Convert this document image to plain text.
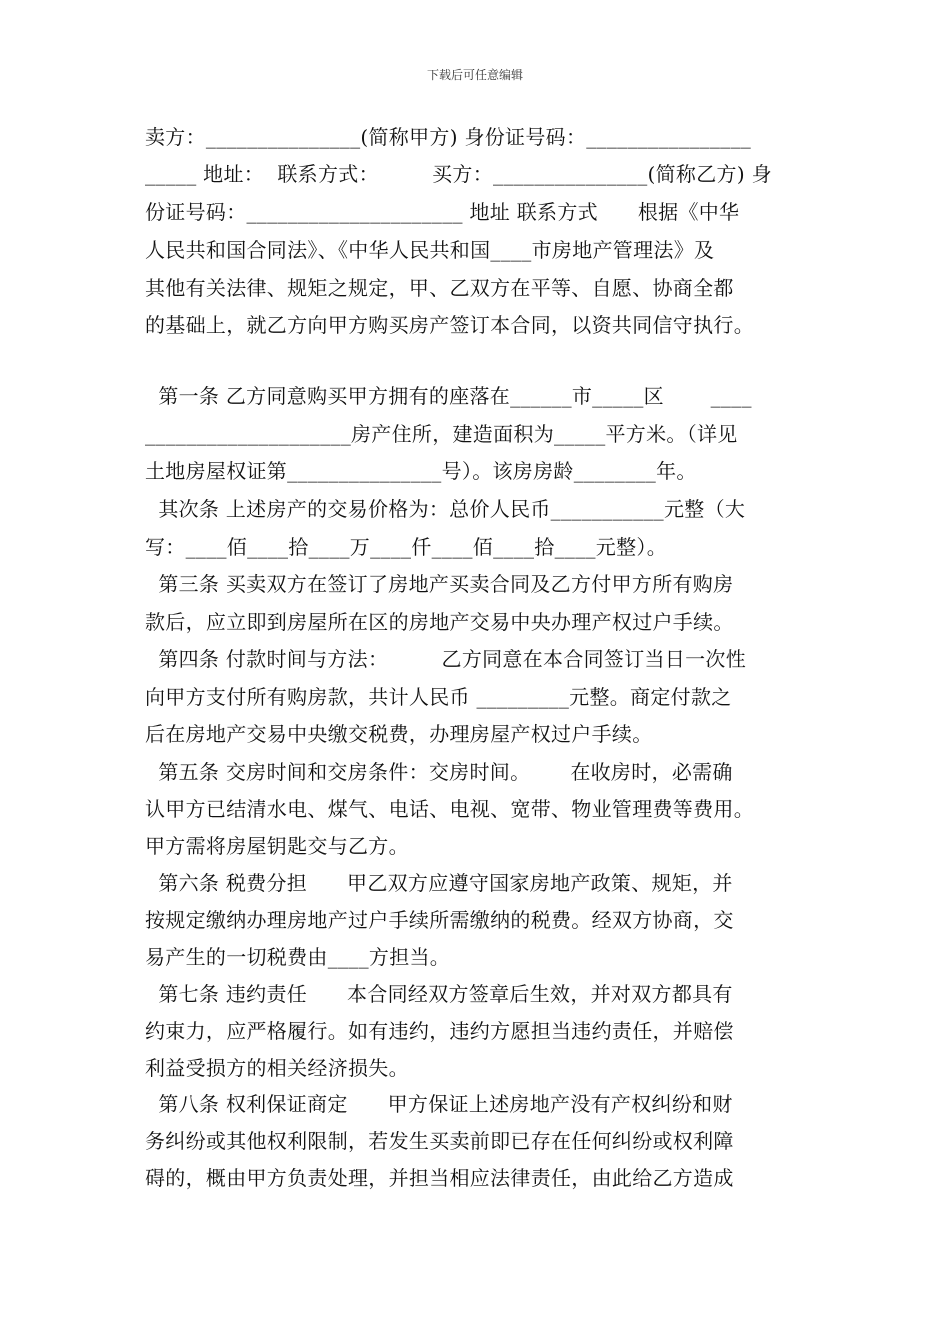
下载后可任意编辑
卖方：_______________(简称甲方) 身份证号码：________________
_____ 地址：  联系方式：        买方：_______________(简称乙方) 身
份证号码：_____________________ 地址 联系方式      根据《中华
人民共和国合同法》、《中华人民共和国____市房地产管理法》及
其他有关法律、规矩之规定，甲、乙双方在平等、自愿、协商全都
的基础上，就乙方向甲方购买房产签订本合同，以资共同信守执行。
第一条 乙方同意购买甲方拥有的座落在______市_____区       ____
____________________房产住所，建造面积为_____平方米。（详见
土地房屋权证第_______________号）。该房房龄________年。
其次条 上述房产的交易价格为：总价人民币___________元整（大
写：____佰____拾____万____仟____佰____拾____元整）。
第三条 买卖双方在签订了房地产买卖合同及乙方付甲方所有购房
款后，应立即到房屋所在区的房地产交易中央办理产权过户手续。
第四条 付款时间与方法：        乙方同意在本合同签订当日一次性
向甲方支付所有购房款，共计人民币 _________元整。商定付款之
后在房地产交易中央缴交税费，办理房屋产权过户手续。
第五条 交房时间和交房条件：交房时间。      在收房时，必需确
认甲方已结清水电、煤气、电话、电视、宽带、物业管理费等费用。
甲方需将房屋钥匙交与乙方。
第六条 税费分担      甲乙双方应遵守国家房地产政策、规矩，并
按规定缴纳办理房地产过户手续所需缴纳的税费。经双方协商，交
易产生的一切税费由____方担当。
第七条 违约责任      本合同经双方签章后生效，并对双方都具有
约束力，应严格履行。如有违约，违约方愿担当违约责任，并赔偿
利益受损方的相关经济损失。
第八条 权利保证商定      甲方保证上述房地产没有产权纠纷和财
务纠纷或其他权利限制，若发生买卖前即已存在任何纠纷或权利障
碍的，概由甲方负责处理，并担当相应法律责任，由此给乙方造成
